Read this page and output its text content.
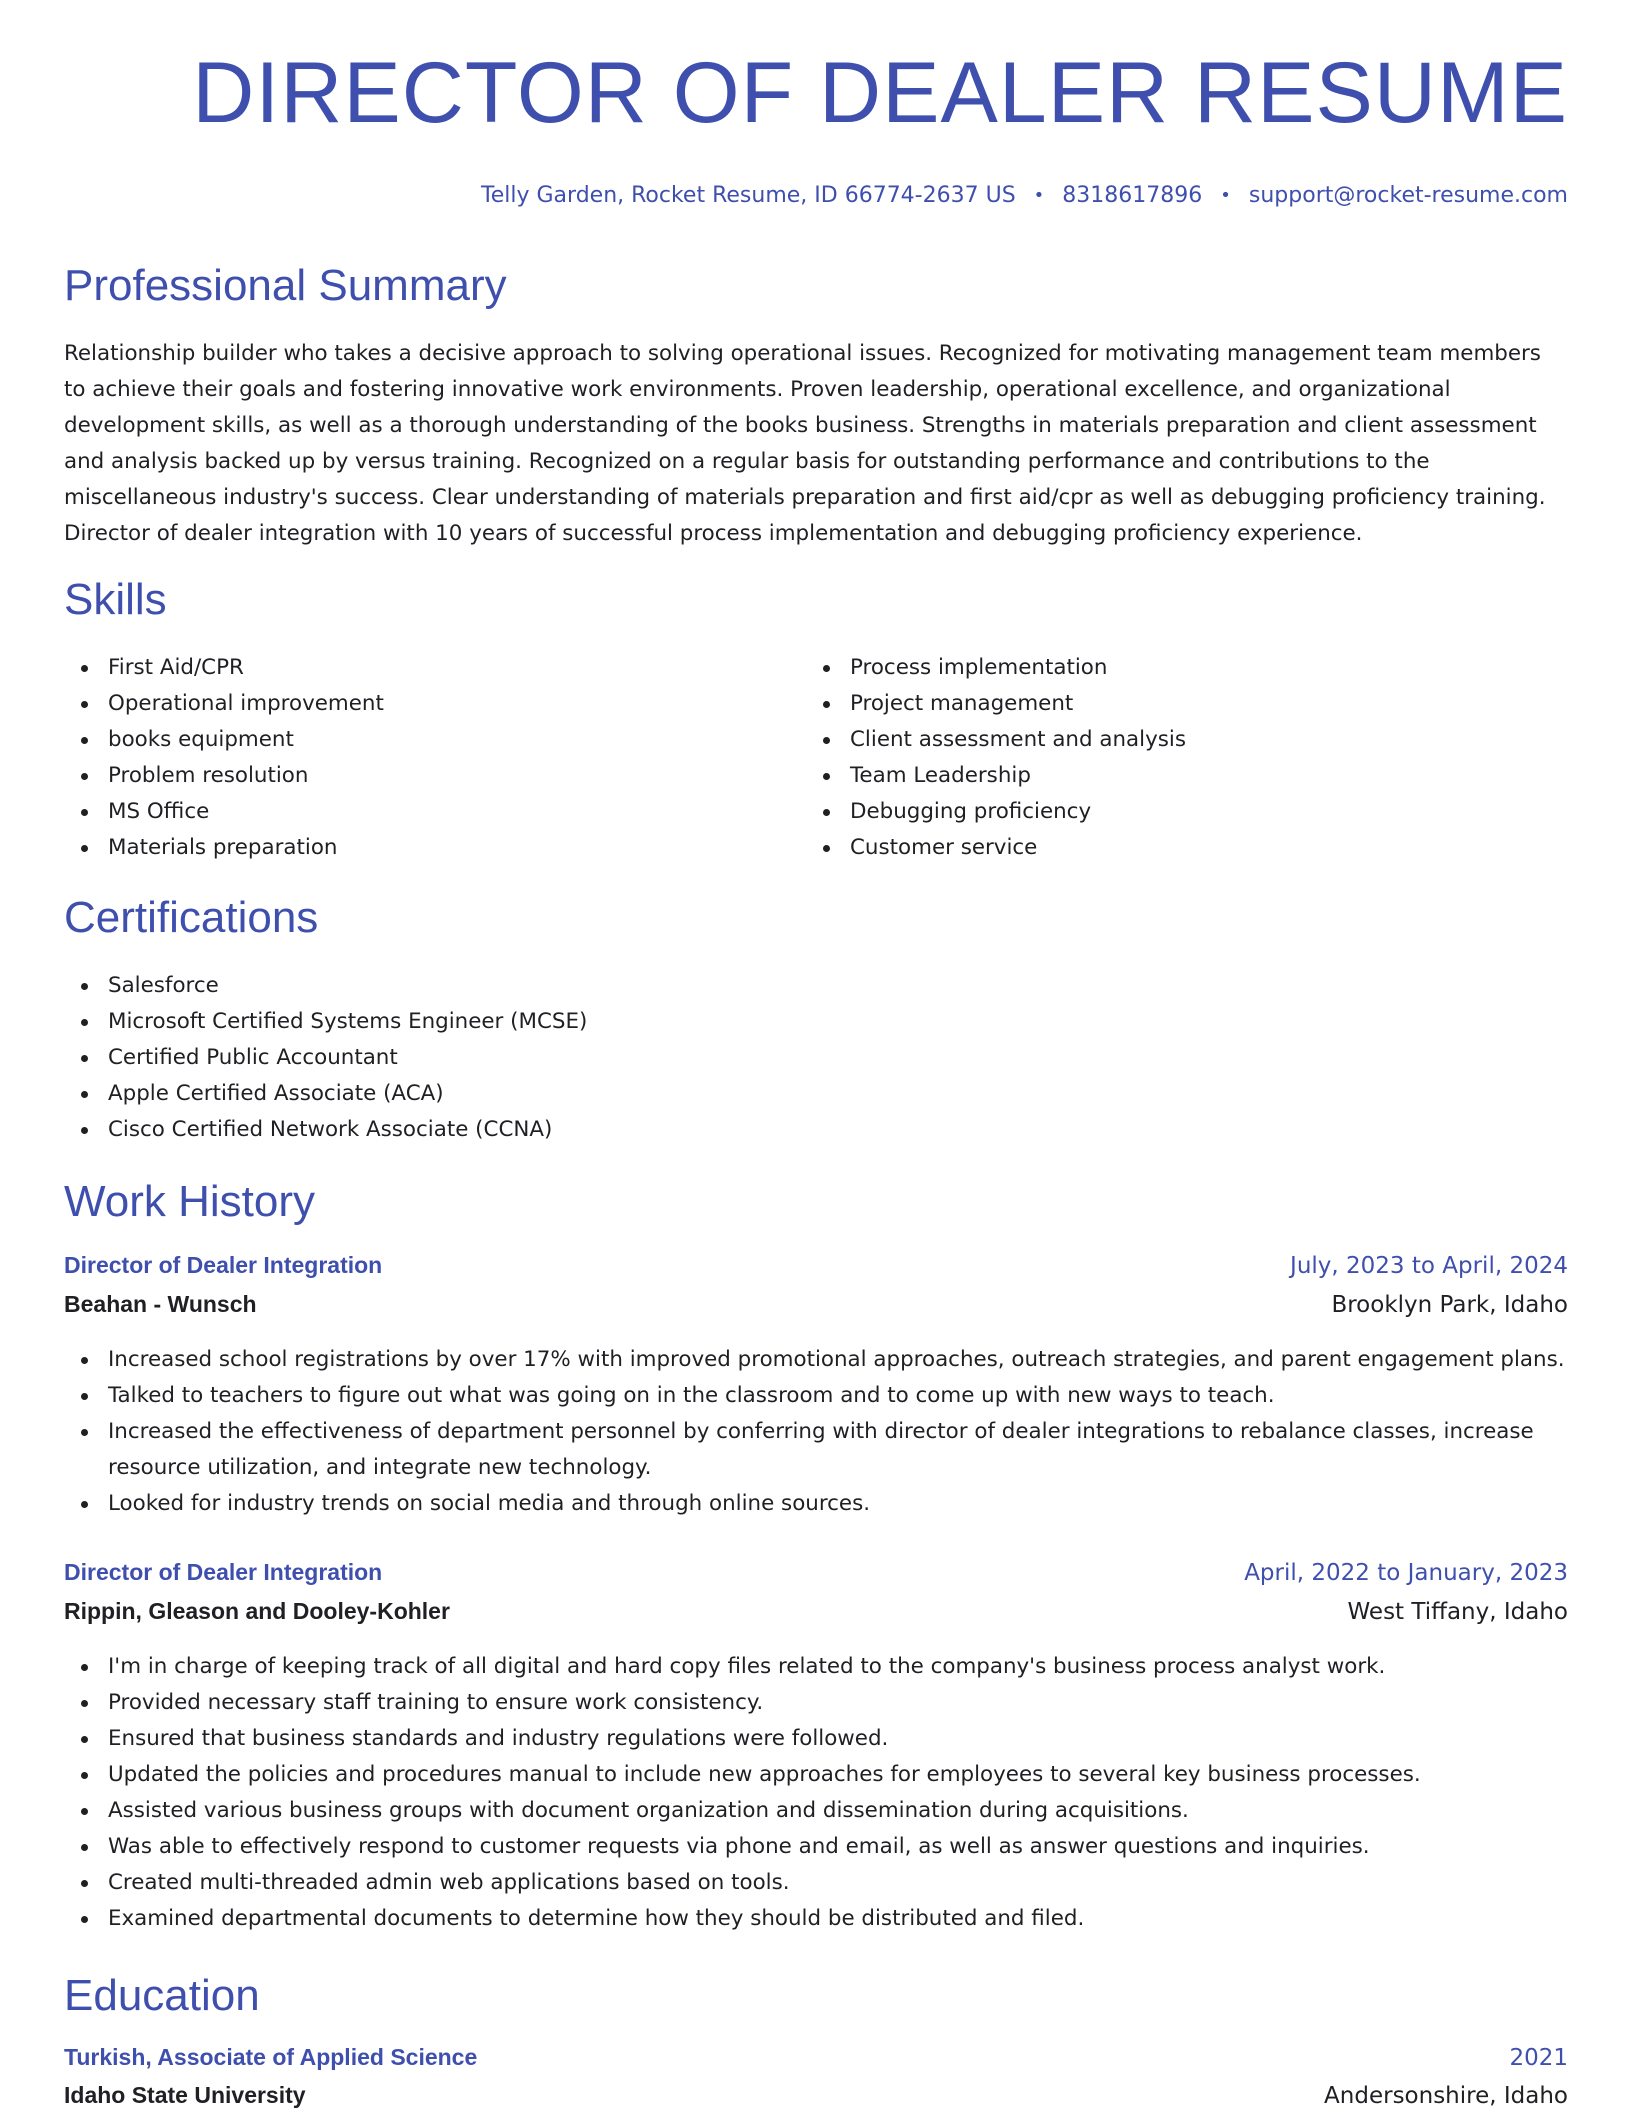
DIRECTOR OF DEALER RESUME
Telly Garden, Rocket Resume, ID 66774-2637 US • 8318617896 • support@rocket-resume.com
Professional Summary

Relationship builder who takes a decisive approach to solving operational issues. Recognized for motivating management team members to achieve their goals and fostering innovative work environments. Proven leadership, operational excellence, and organizational development skills, as well as a thorough understanding of the books business. Strengths in materials preparation and client assessment and analysis backed up by versus training. Recognized on a regular basis for outstanding performance and contributions to the miscellaneous industry's success. Clear understanding of materials preparation and first aid/cpr as well as debugging proficiency training. Director of dealer integration with 10 years of successful process implementation and debugging proficiency experience.

Skills
First Aid/CPR
Operational improvement
books equipment
Problem resolution
MS Office
Materials preparation
Process implementation
Project management
Client assessment and analysis
Team Leadership
Debugging proficiency
Customer service
Certifications
Salesforce
Microsoft Certified Systems Engineer (MCSE)
Certified Public Accountant
Apple Certified Associate (ACA)
Cisco Certified Network Associate (CCNA)
Work History
Director of Dealer Integration	July, 2023 to April, 2024
Beahan - Wunsch	Brooklyn Park, Idaho
Increased school registrations by over 17% with improved promotional approaches, outreach strategies, and parent engagement plans.
Talked to teachers to figure out what was going on in the classroom and to come up with new ways to teach.
Increased the effectiveness of department personnel by conferring with director of dealer integrations to rebalance classes, increase resource utilization, and integrate new technology.
Looked for industry trends on social media and through online sources.
Director of Dealer Integration	April, 2022 to January, 2023
Rippin, Gleason and Dooley-Kohler	West Tiffany, Idaho
I'm in charge of keeping track of all digital and hard copy files related to the company's business process analyst work.
Provided necessary staff training to ensure work consistency.
Ensured that business standards and industry regulations were followed.
Updated the policies and procedures manual to include new approaches for employees to several key business processes.
Assisted various business groups with document organization and dissemination during acquisitions.
Was able to effectively respond to customer requests via phone and email, as well as answer questions and inquiries.
Created multi-threaded admin web applications based on tools.
Examined departmental documents to determine how they should be distributed and filed.
Education
Turkish, Associate of Applied Science	2021
Idaho State University	Andersonshire, Idaho
